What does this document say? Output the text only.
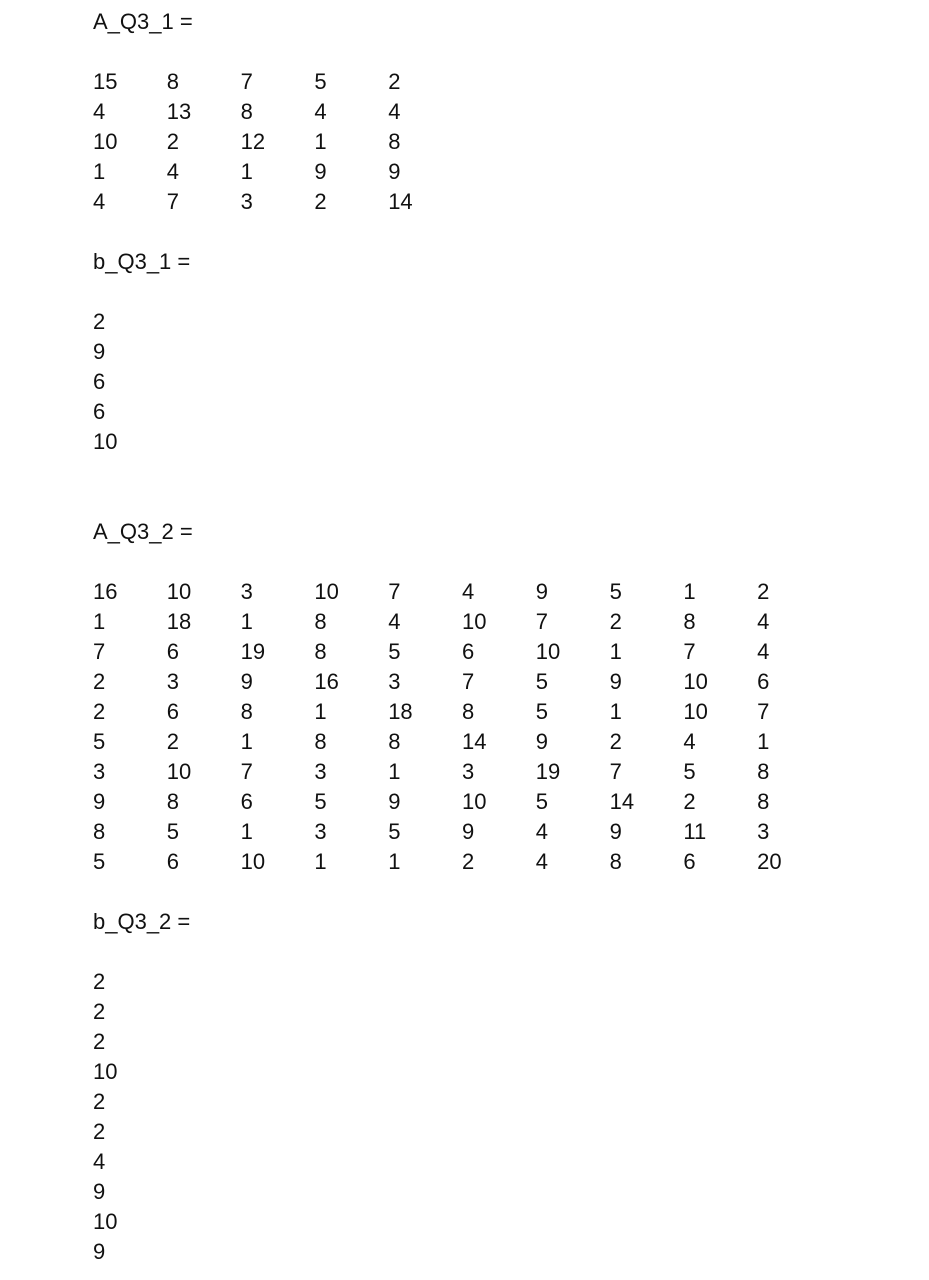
A_Q3_1 =
15	8	7	5	2
4	13	8	4	4
10	2	12	1	8
1	4	1	9	9
4	7	3	2	14
b_Q3_1 =
2
9
6
6
10
A_Q3_2 =
16	10	3	10	7	4	9	5	1	2
1	18	1	8	4	10	7	2	8	4
7	6	19	8	5	6	10	1	7	4
2	3	9	16	3	7	5	9	10	6
2	6	8	1	18	8	5	1	10	7
5	2	1	8	8	14	9	2	4	1
3	10	7	3	1	3	19	7	5	8
9	8	6	5	9	10	5	14	2	8
8	5	1	3	5	9	4	9	11	3
5	6	10	1	1	2	4	8	6	20
b_Q3_2 =
2
2
2
10
2
2
4
9
10
9
